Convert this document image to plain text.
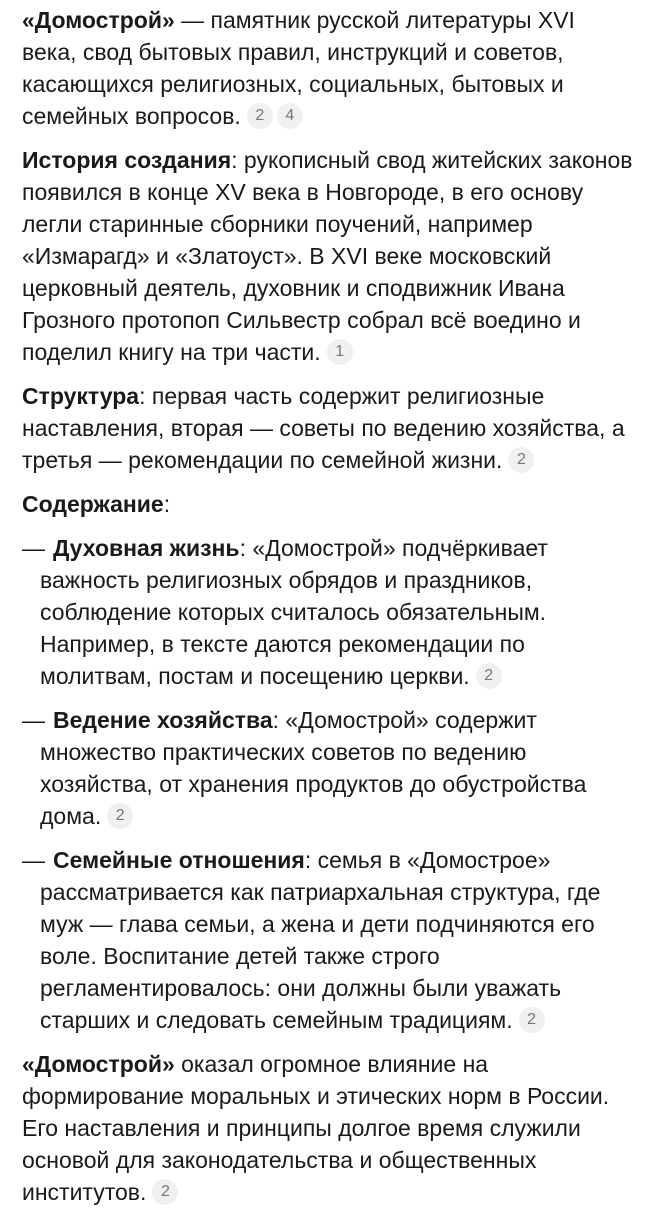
«Домострой» — памятник русской литературы XVI века, свод бытовых правил, инструкций и советов, касающихся религиозных, социальных, бытовых и семейных вопросов. 2 4

История создания: рукописный свод житейских законов появился в конце XV века в Новгороде, в его основу легли старинные сборники поучений, например «Измарагд» и «Златоуст». В XVI веке московский церковный деятель, духовник и сподвижник Ивана Грозного протопоп Сильвестр собрал всё воедино и поделил книгу на три части. 1

Структура: первая часть содержит религиозные наставления, вторая — советы по ведению хозяйства, а третья — рекомендации по семейной жизни. 2

Содержание:

— Духовная жизнь: «Домострой» подчёркивает важность религиозных обрядов и праздников, соблюдение которых считалось обязательным. Например, в тексте даются рекомендации по молитвам, постам и посещению церкви. 2

— Ведение хозяйства: «Домострой» содержит множество практических советов по ведению хозяйства, от хранения продуктов до обустройства дома. 2

— Семейные отношения: семья в «Домострое» рассматривается как патриархальная структура, где муж — глава семьи, а жена и дети подчиняются его воле. Воспитание детей также строго регламентировалось: они должны были уважать старших и следовать семейным традициям. 2

«Домострой» оказал огромное влияние на формирование моральных и этических норм в России. Его наставления и принципы долгое время служили основой для законодательства и общественных институтов. 2
